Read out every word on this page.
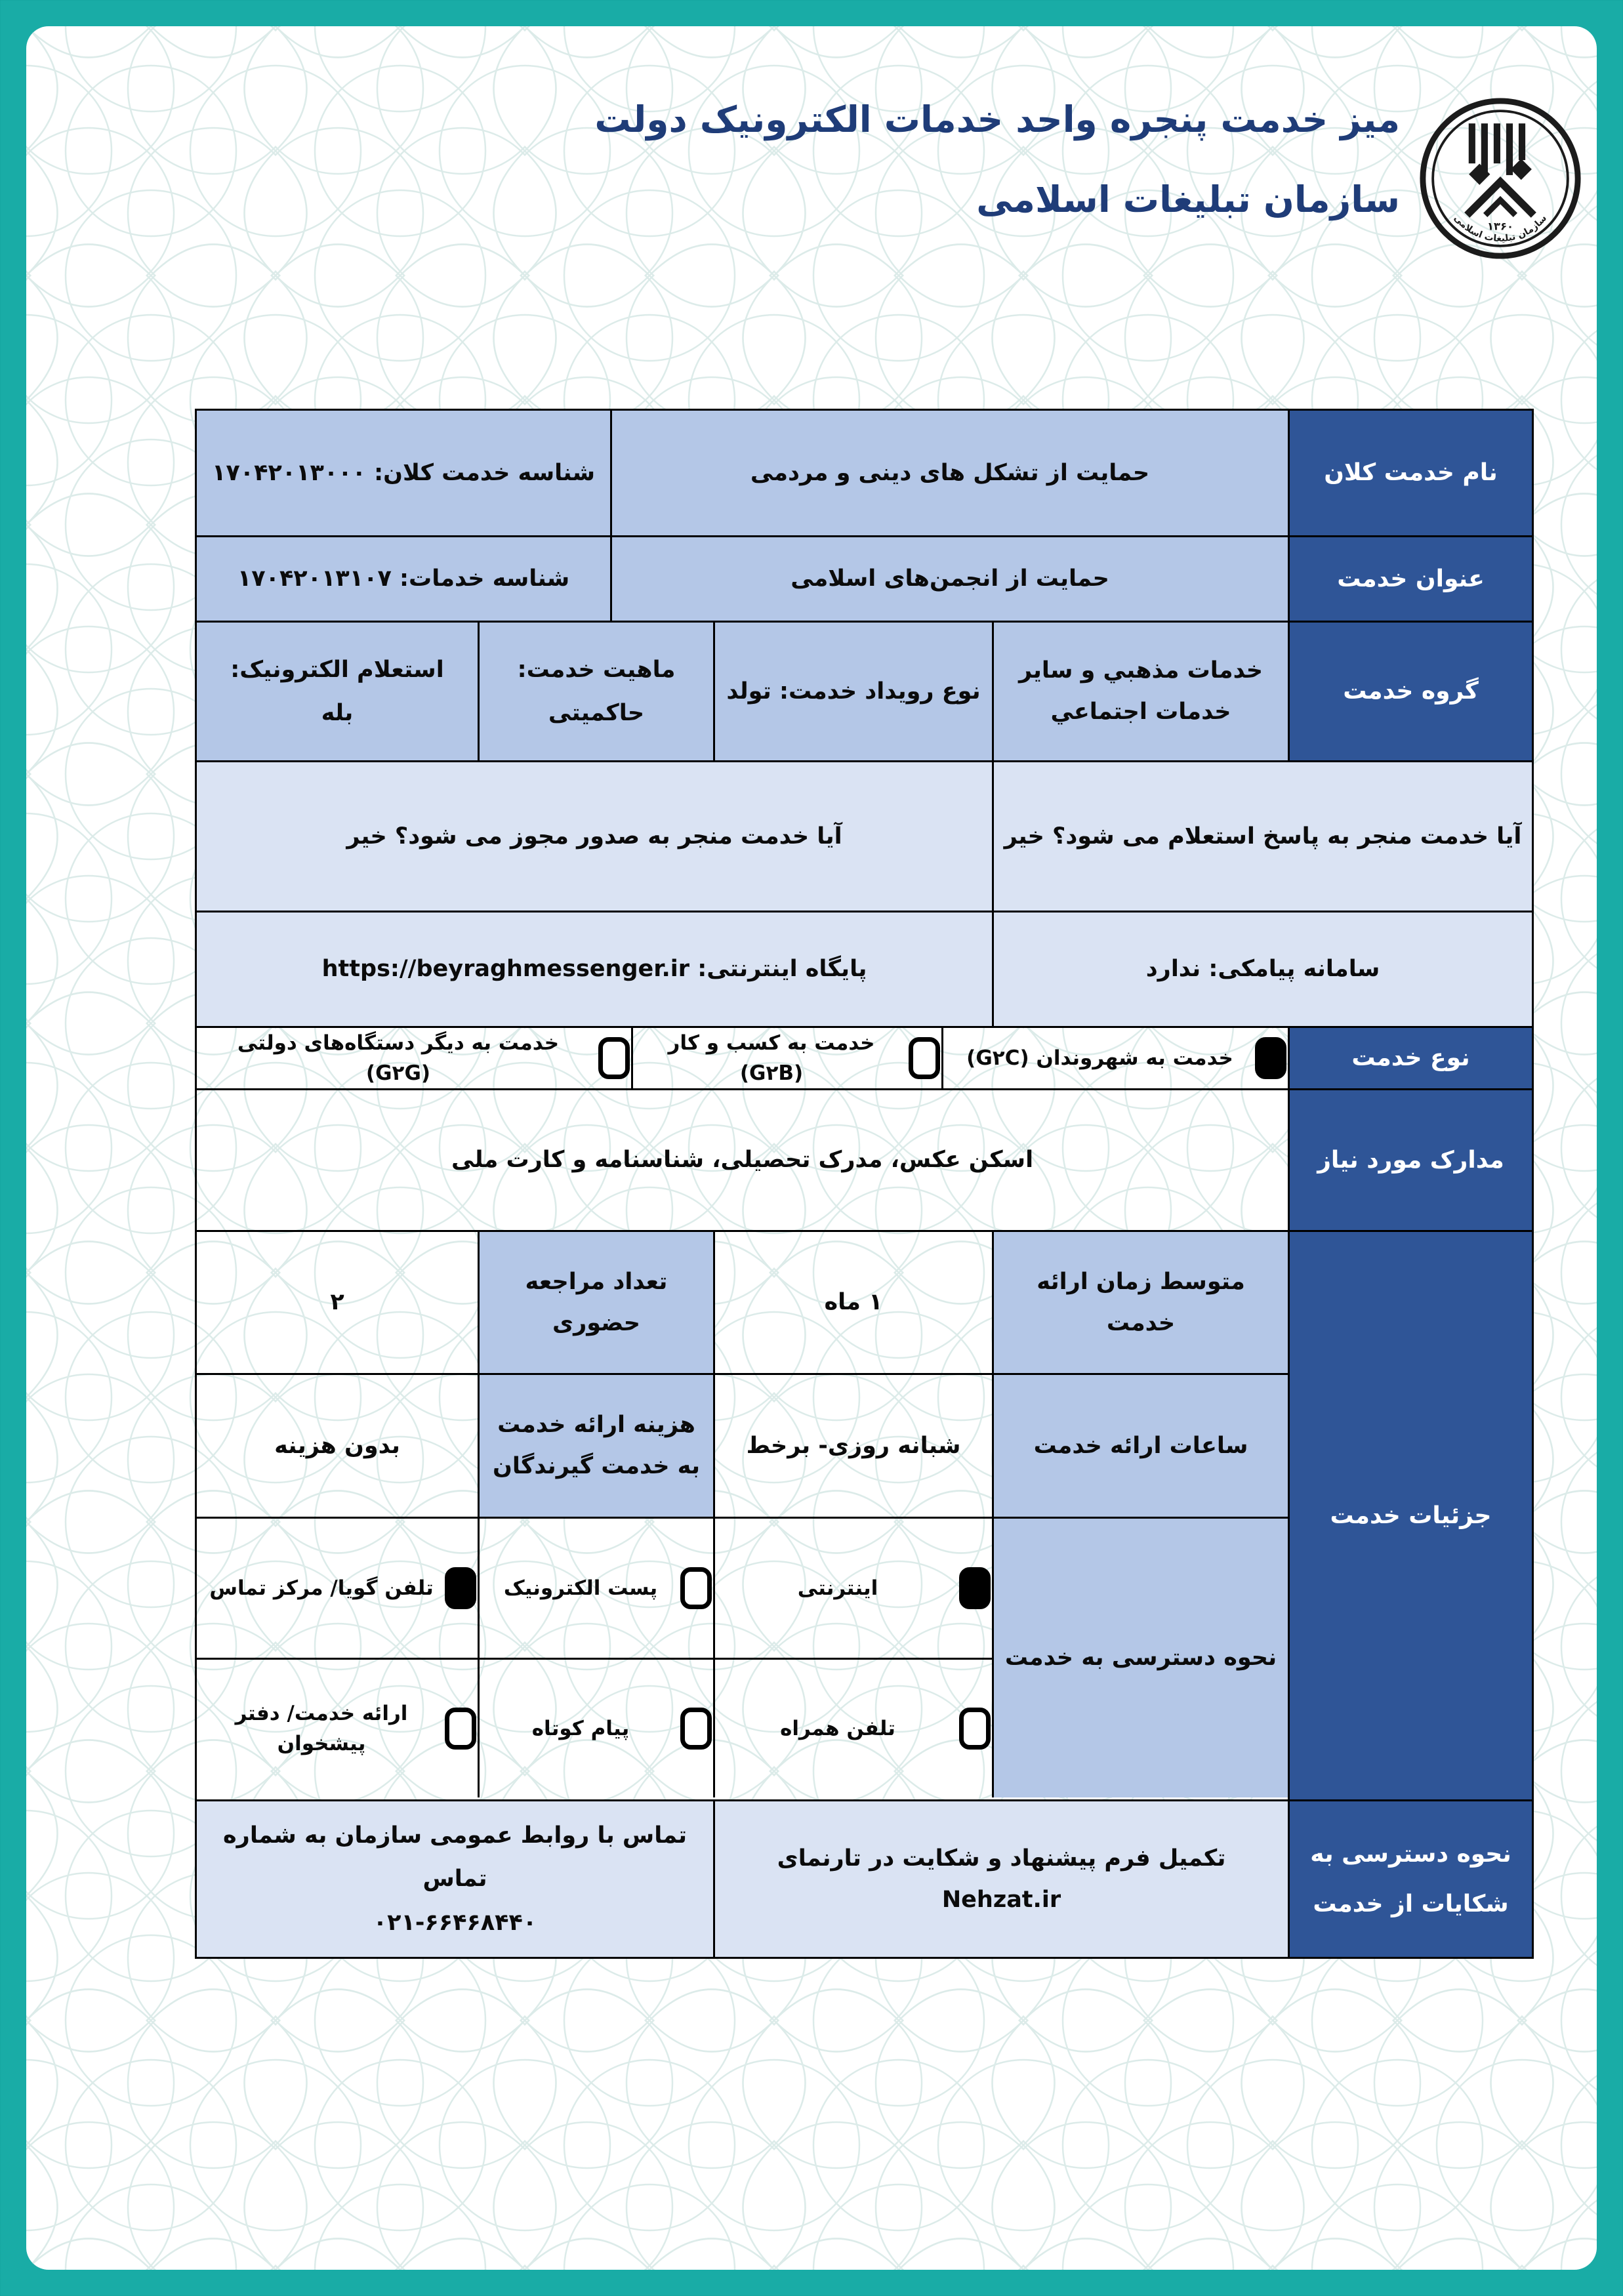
میز خدمت پنجره واحد خدمات الکترونیک دولت
سازمان تبلیغات اسلامی
۱۳۶۰
سازمان تبلیغات اسلامی
نام خدمت کلان
حمایت از تشکل های دینی و مردمی
شناسه خدمت کلان: ۱۷۰۴۲۰۱۳۰۰۰
عنوان خدمت
حمایت از انجمن‌های اسلامی
شناسه خدمات: ۱۷۰۴۲۰۱۳۱۰۷
گروه خدمت
خدمات مذهبي و سایر خدمات اجتماعي
نوع رویداد خدمت: تولد
ماهیت خدمت:
حاکمیتی
استعلام الکترونیک:
بله
آیا خدمت منجر به پاسخ استعلام می شود؟ خیر
آیا خدمت منجر به صدور مجوز می شود؟ خیر
سامانه پیامکی: ندارد
پایگاه اینترنتی: https://beyraghmessenger.ir
نوع خدمت
خدمت به شهروندان (G۲C)
خدمت به کسب و کار (G۲B)
خدمت به دیگر دستگاه‌های دولتی (G۲G)
مدارک مورد نیاز
اسکن عکس، مدرک تحصیلی، شناسنامه و کارت ملی
جزئیات خدمت
متوسط زمان ارائه خدمت
۱ ماه
تعداد مراجعه حضوری
۲
ساعات ارائه خدمت
شبانه روزی- برخط
هزینه ارائه خدمت به خدمت گیرندگان
بدون هزینه
نحوه دسترسی به خدمت
اینترنتی
پست الکترونیک
تلفن گویا/ مرکز تماس
تلفن همراه
پیام کوتاه
ارائه خدمت/ دفتر پیشخوان
نحوه دسترسی به شکایات از خدمت
تکمیل فرم پیشنهاد و شکایت در تارنمای Nehzat.ir
تماس با روابط عمومی سازمان به شماره تماس
۰۲۱-۶۶۴۶۸۴۴۰
